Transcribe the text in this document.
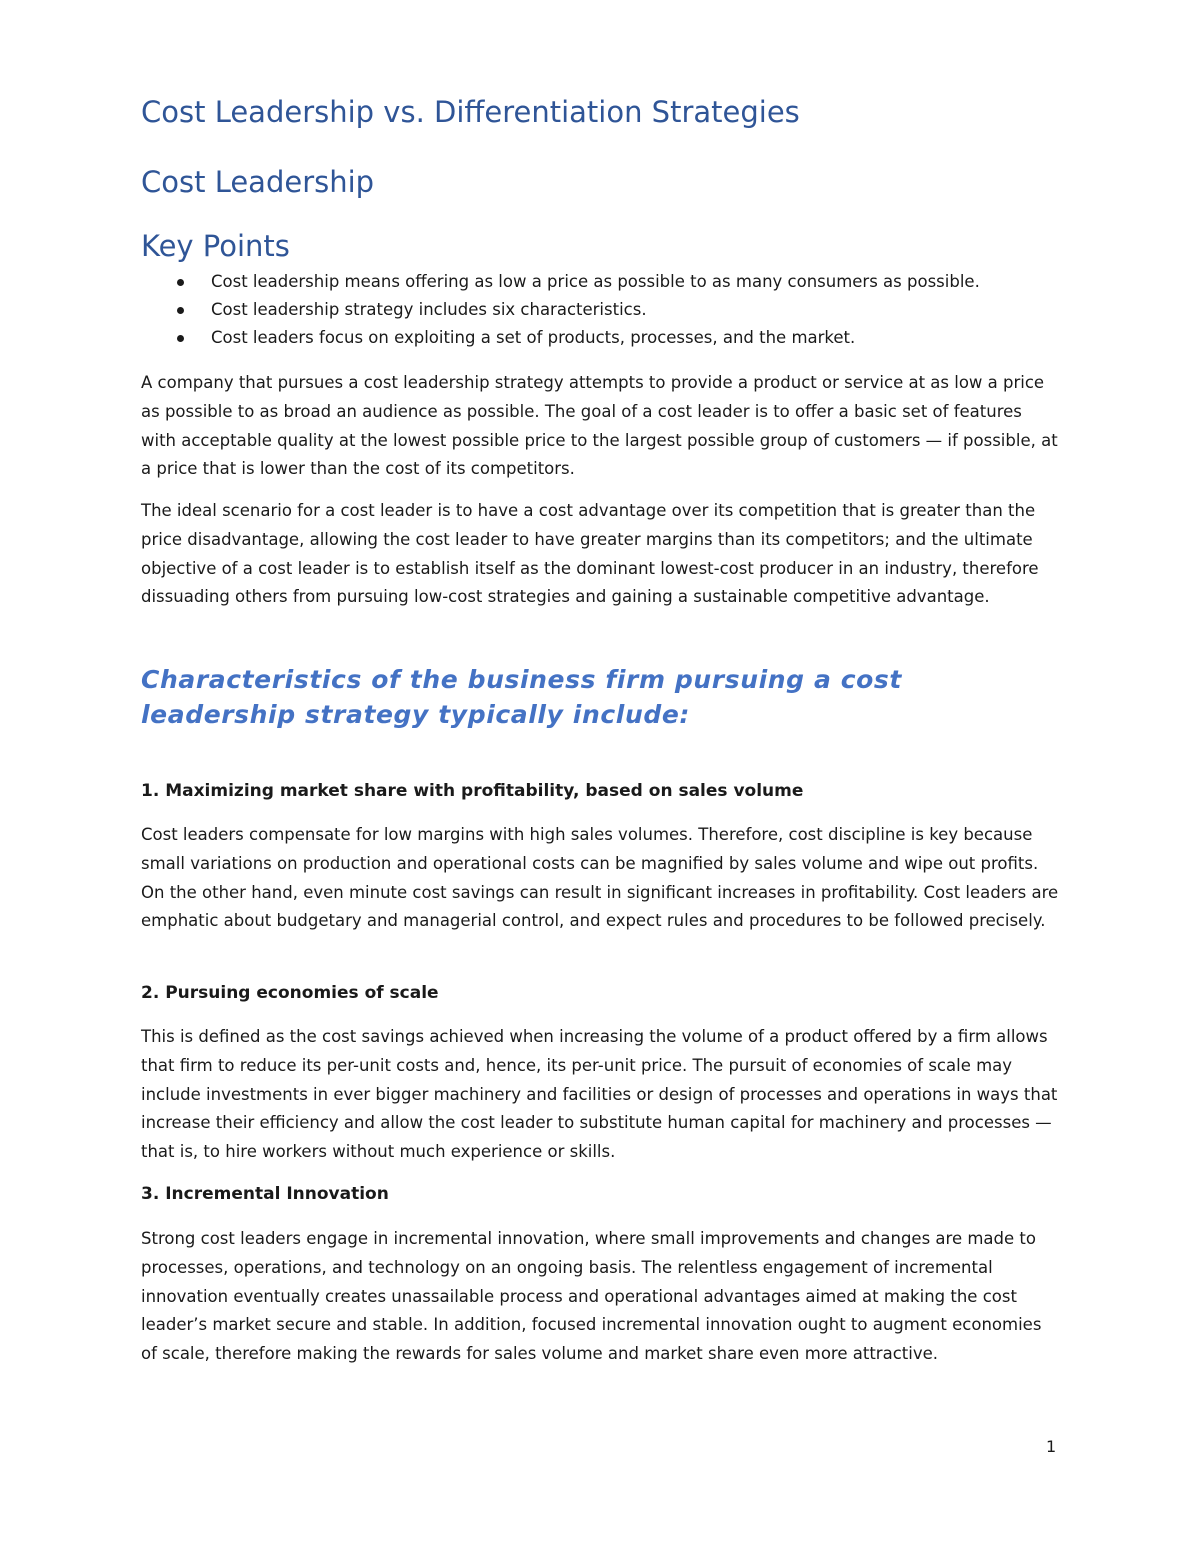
Cost Leadership vs. Differentiation Strategies
Cost Leadership
Key Points
Cost leadership means offering as low a price as possible to as many consumers as possible.
Cost leadership strategy includes six characteristics.
Cost leaders focus on exploiting a set of products, processes, and the market.

A company that pursues a cost leadership strategy attempts to provide a product or service at as low a price as possible to as broad an audience as possible. The goal of a cost leader is to offer a basic set of features with acceptable quality at the lowest possible price to the largest possible group of customers — if possible, at a price that is lower than the cost of its competitors.

The ideal scenario for a cost leader is to have a cost advantage over its competition that is greater than the price disadvantage, allowing the cost leader to have greater margins than its competitors; and the ultimate objective of a cost leader is to establish itself as the dominant lowest-cost producer in an industry, therefore dissuading others from pursuing low-cost strategies and gaining a sustainable competitive advantage.

Characteristics of the business firm pursuing a cost leadership strategy typically include:
1. Maximizing market share with profitability, based on sales volume

Cost leaders compensate for low margins with high sales volumes. Therefore, cost discipline is key because small variations on production and operational costs can be magnified by sales volume and wipe out profits. On the other hand, even minute cost savings can result in significant increases in profitability. Cost leaders are emphatic about budgetary and managerial control, and expect rules and procedures to be followed precisely.

2. Pursuing economies of scale

This is defined as the cost savings achieved when increasing the volume of a product offered by a firm allows that firm to reduce its per-unit costs and, hence, its per-unit price. The pursuit of economies of scale may include investments in ever bigger machinery and facilities or design of processes and operations in ways that increase their efficiency and allow the cost leader to substitute human capital for machinery and processes — that is, to hire workers without much experience or skills.

3. Incremental Innovation

Strong cost leaders engage in incremental innovation, where small improvements and changes are made to processes, operations, and technology on an ongoing basis. The relentless engagement of incremental innovation eventually creates unassailable process and operational advantages aimed at making the cost leader’s market secure and stable. In addition, focused incremental innovation ought to augment economies of scale, therefore making the rewards for sales volume and market share even more attractive.

1
